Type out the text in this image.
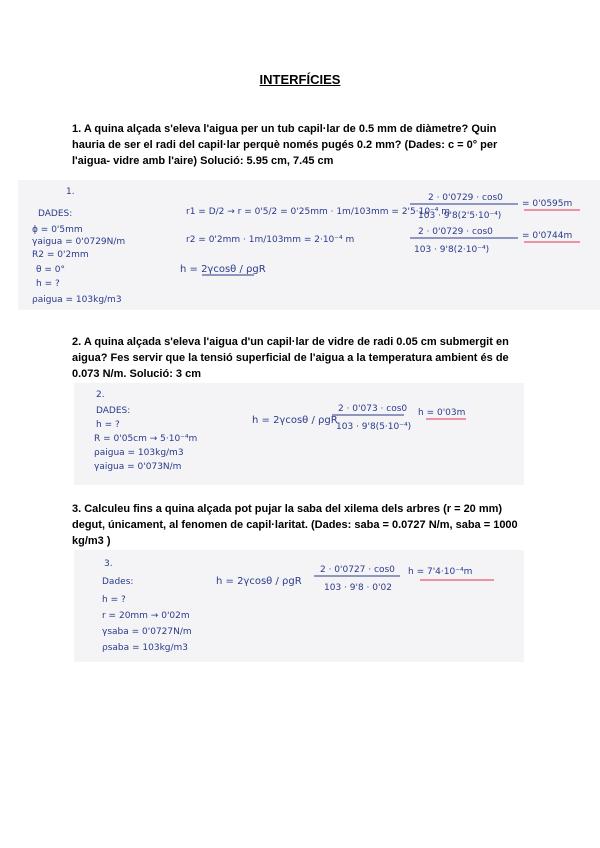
INTERFÍCIES
1. A quina alçada s'eleva l'aigua per un tub capil·lar de 0.5 mm de diàmetre? Quin hauria de ser el radi del capil·lar perquè només pugés 0.2 mm? (Dades: c = 0° per l'aigua- vidre amb l'aire) Solució: 5.95 cm, 7.45 cm
1.
DADES:
ϕ = 0'5mm
γaigua = 0'0729N/m
R2 = 0'2mm
θ = 0°
h = ?
ρaigua = 103kg/m3
r1 = D/2 → r = 0'5/2 = 0'25mm · 1m/103mm = 2'5·10⁻⁴ m
r2 = 0'2mm · 1m/103mm = 2·10⁻⁴ m
h = 2γcosθ / ρgR
2 · 0'0729 · cos0
103 · 9'8(2'5·10⁻⁴)
= 0'0595m
2 · 0'0729 · cos0
103 · 9'8(2·10⁻⁴)
= 0'0744m
2. A quina alçada s'eleva l'aigua d'un capil·lar de vidre de radi 0.05 cm submergit en aigua? Fes servir que la tensió superficial de l'aigua a la temperatura ambient és de 0.073 N/m. Solució: 3 cm
2.
DADES:
h = ?
R = 0'05cm → 5·10⁻⁴m
ρaigua = 103kg/m3
γaigua = 0'073N/m
h = 2γcosθ / ρgR
2 · 0'073 · cos0
103 · 9'8(5·10⁻⁴)
h = 0'03m
3. Calculeu fins a quina alçada pot pujar la saba del xilema dels arbres (r = 20 mm) degut, únicament, al fenomen de capil·laritat. (Dades: saba = 0.0727 N/m, saba = 1000 kg/m3 )
3.
Dades:
h = ?
r = 20mm → 0'02m
γsaba = 0'0727N/m
ρsaba = 103kg/m3
h = 2γcosθ / ρgR
2 · 0'0727 · cos0
103 · 9'8 · 0'02
h = 7'4·10⁻⁴m
